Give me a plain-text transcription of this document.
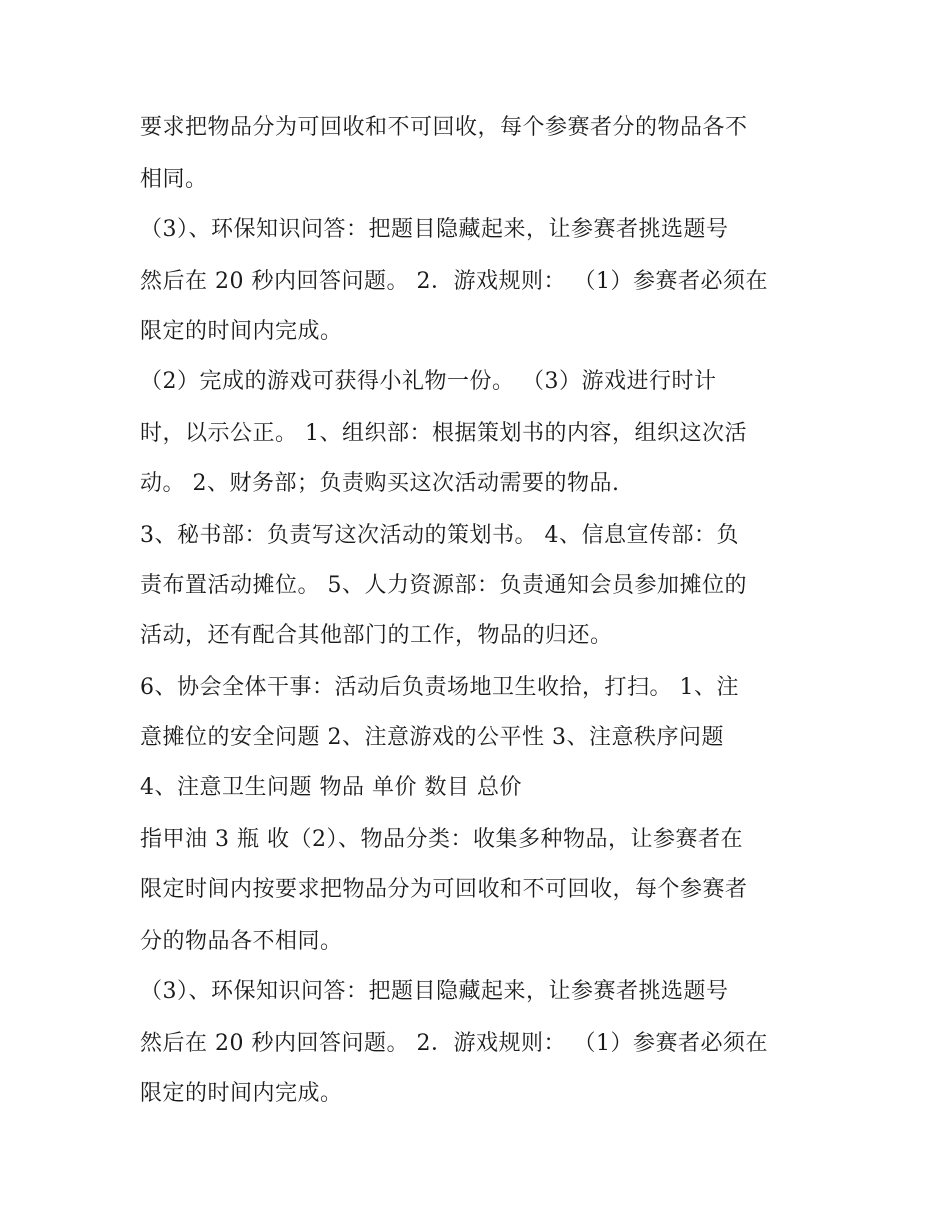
要求把物品分为可回收和不可回收，每个参赛者分的物品各不
相同。
（3）、环保知识问答：把题目隐藏起来，让参赛者挑选题号
然后在 20 秒内回答问题。 2．游戏规则： （1）参赛者必须在
限定的时间内完成。
（2）完成的游戏可获得小礼物一份。 （3）游戏进行时计
时，以示公正。 1、组织部：根据策划书的内容，组织这次活
动。 2、财务部；负责购买这次活动需要的物品.
3、秘书部：负责写这次活动的策划书。 4、信息宣传部：负
责布置活动摊位。 5、人力资源部：负责通知会员参加摊位的
活动，还有配合其他部门的工作，物品的归还。
6、协会全体干事：活动后负责场地卫生收拾，打扫。 1、注
意摊位的安全问题 2、注意游戏的公平性 3、注意秩序问题
4、注意卫生问题 物品 单价 数目 总价
指甲油 3 瓶 收（2）、物品分类：收集多种物品，让参赛者在
限定时间内按要求把物品分为可回收和不可回收，每个参赛者
分的物品各不相同。
（3）、环保知识问答：把题目隐藏起来，让参赛者挑选题号
然后在 20 秒内回答问题。 2．游戏规则： （1）参赛者必须在
限定的时间内完成。
